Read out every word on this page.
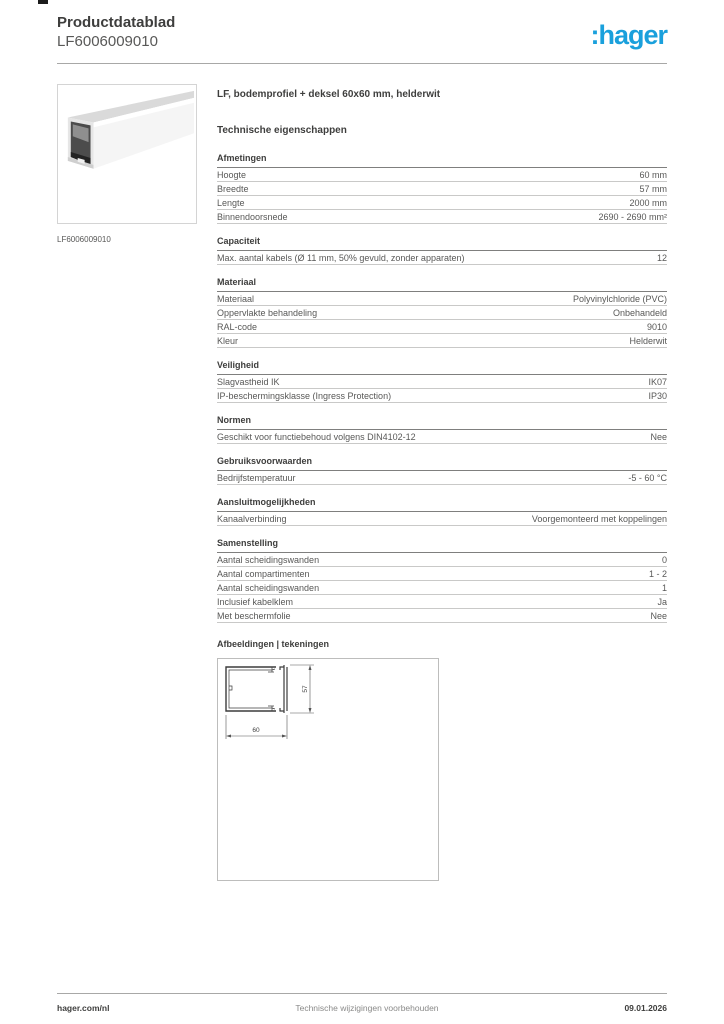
Productdatablad
LF6006009010	:hager
LF6006009010
LF, bodemprofiel + deksel 60x60 mm, helderwit
Technische eigenschappen
Afmetingen
Hoogte	60 mm
Breedte	57 mm
Lengte	2000 mm
Binnendoorsnede	2690 - 2690 mm²
Capaciteit
Max. aantal kabels (Ø 11 mm, 50% gevuld, zonder apparaten)	12
Materiaal
Materiaal	Polyvinylchloride (PVC)
Oppervlakte behandeling	Onbehandeld
RAL-code	9010
Kleur	Helderwit
Veiligheid
Slagvastheid IK	IK07
IP-beschermingsklasse (Ingress Protection)	IP30
Normen
Geschikt voor functiebehoud volgens DIN4102-12	Nee
Gebruiksvoorwaarden
Bedrijfstemperatuur	-5 - 60 °C
Aansluitmogelijkheden
Kanaalverbinding	Voorgemonteerd met koppelingen
Samenstelling
Aantal scheidingswanden	0
Aantal compartimenten	1 - 2
Aantal scheidingswanden	1
Inclusief kabelklem	Ja
Met beschermfolie	Nee
Afbeeldingen | tekeningen
57
60
hager.com/nl	Technische wijzigingen voorbehouden	09.01.2026
